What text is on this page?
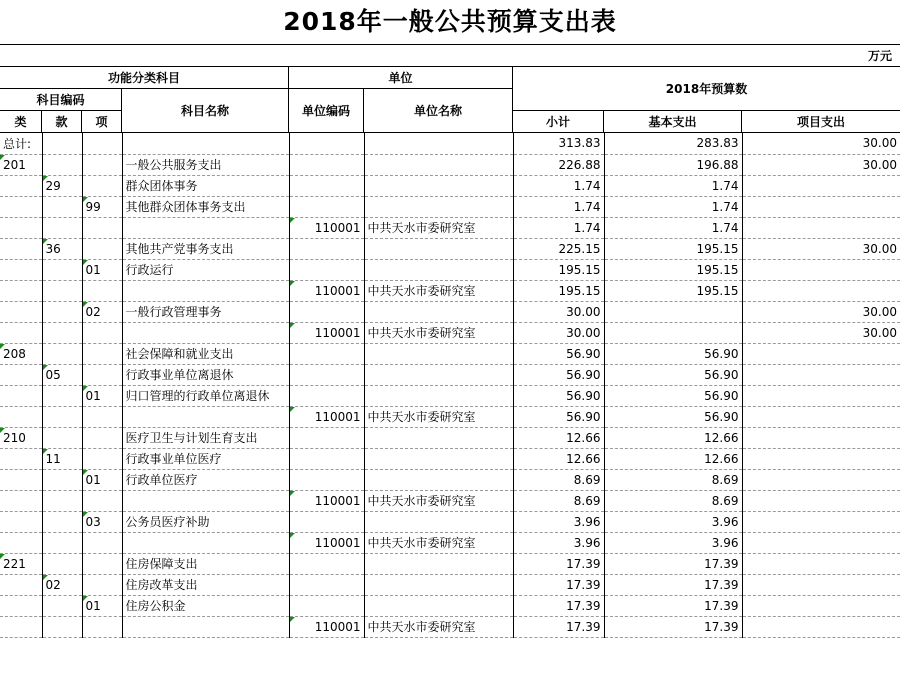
2018年一般公共预算支出表
万元
功能分类科目	单位
2018年预算数
科目编码
科目名称	单位编码	单位名称
类	款	项	小计	基本支出	项目支出
总计:						313.83	283.83	30.00
201			一般公共服务支出			226.88	196.88	30.00
	29		群众团体事务			1.74	1.74	
		99	其他群众团体事务支出			1.74	1.74	
				110001	中共天水市委研究室	1.74	1.74	
	36		其他共产党事务支出			225.15	195.15	30.00
		01	行政运行			195.15	195.15	
				110001	中共天水市委研究室	195.15	195.15	
		02	一般行政管理事务			30.00		30.00
				110001	中共天水市委研究室	30.00		30.00
208			社会保障和就业支出			56.90	56.90	
	05		行政事业单位离退休			56.90	56.90	
		01	归口管理的行政单位离退休			56.90	56.90	
				110001	中共天水市委研究室	56.90	56.90	
210			医疗卫生与计划生育支出			12.66	12.66	
	11		行政事业单位医疗			12.66	12.66	
		01	行政单位医疗			8.69	8.69	
				110001	中共天水市委研究室	8.69	8.69	
		03	公务员医疗补助			3.96	3.96	
				110001	中共天水市委研究室	3.96	3.96	
221			住房保障支出			17.39	17.39	
	02		住房改革支出			17.39	17.39	
		01	住房公积金			17.39	17.39	
				110001	中共天水市委研究室	17.39	17.39	
